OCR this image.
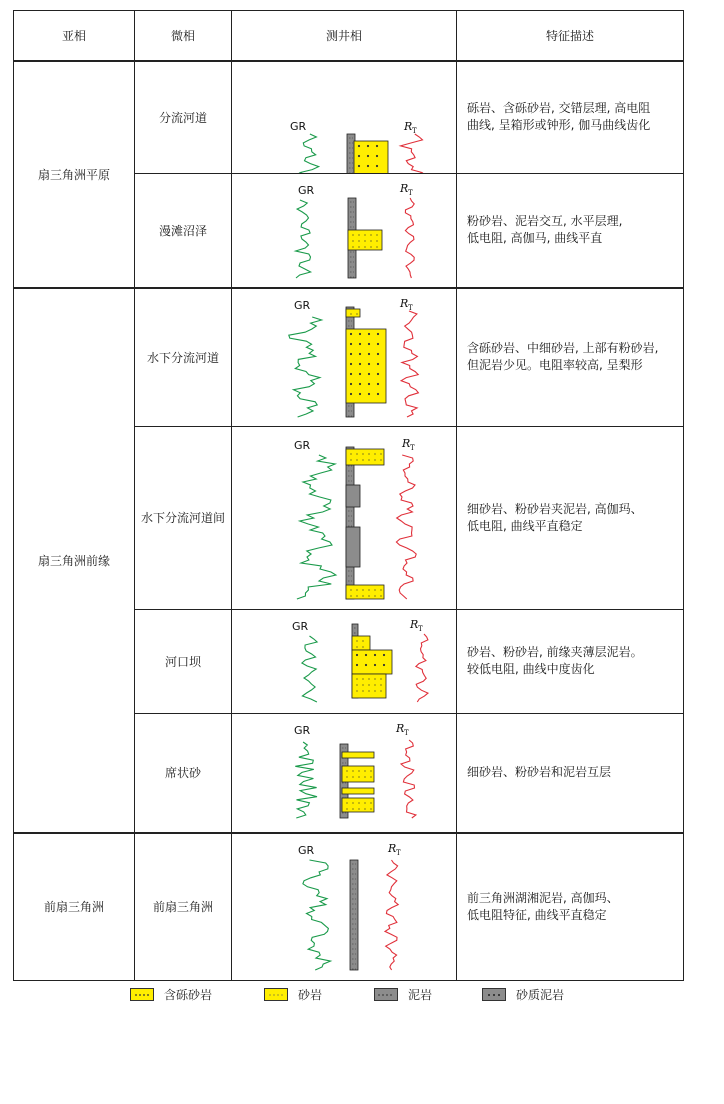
亚相	微相	测井相	特征描述
扇三角洲平原	分流河道	GR R T	砾岩、含砾砂岩, 交错层理, 高电阻
曲线, 呈箱形或钟形, 伽马曲线齿化

	漫滩沼泽	GR R T	粉砂岩、泥岩交互, 水平层理,
低电阻, 高伽马, 曲线平直

扇三角洲前缘	水下分流河道	GR R T	含砾砂岩、中细砂岩, 上部有粉砂岩,
但泥岩少见。电阻率较高, 呈梨形

	水下分流河道间	GR R T	细砂岩、粉砂岩夹泥岩, 高伽玛、
低电阻, 曲线平直稳定

	河口坝	GR R T	砂岩、粉砂岩, 前缘夹薄层泥岩。
较低电阻, 曲线中度齿化

	席状砂	GR R T	细砂岩、粉砂岩和泥岩互层

前扇三角洲	前扇三角洲	GR R T	前三角洲湖湘泥岩, 高伽玛、
低电阻特征, 曲线平直稳定
含砾砂岩	砂岩	泥岩	砂质泥岩
